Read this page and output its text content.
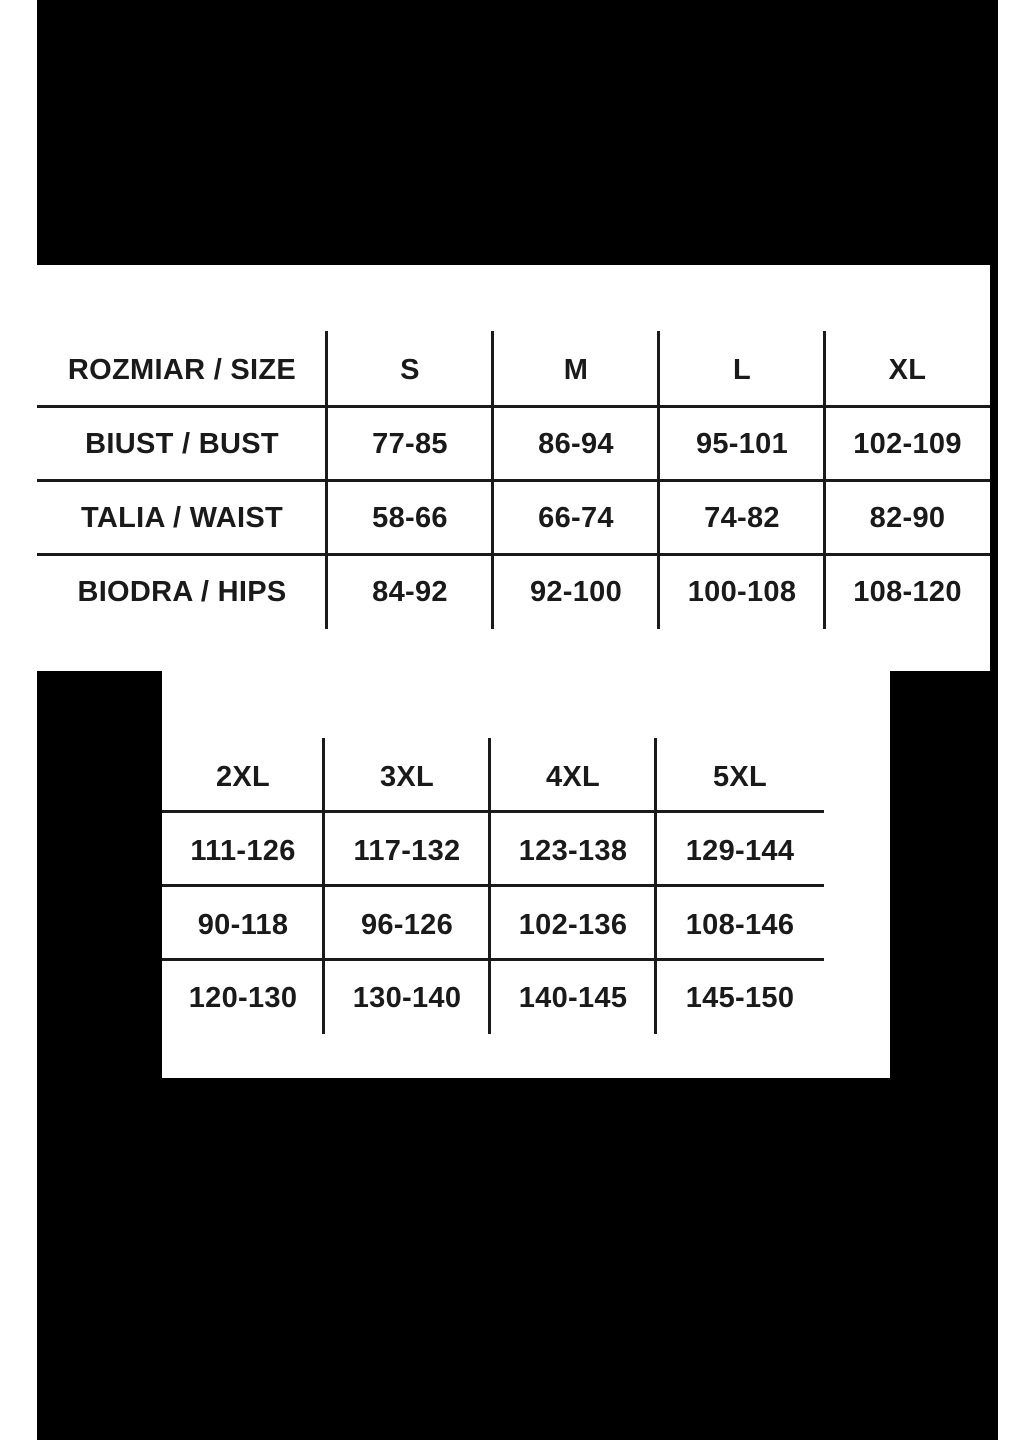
ROZMIAR / SIZE	S	M	L	XL
BIUST / BUST	77-85	86-94	95-101	102-109
TALIA / WAIST	58-66	66-74	74-82	82-90
BIODRA / HIPS	84-92	92-100	100-108	108-120
2XL	3XL	4XL	5XL
111-126	117-132	123-138	129-144
90-118	96-126	102-136	108-146
120-130	130-140	140-145	145-150
